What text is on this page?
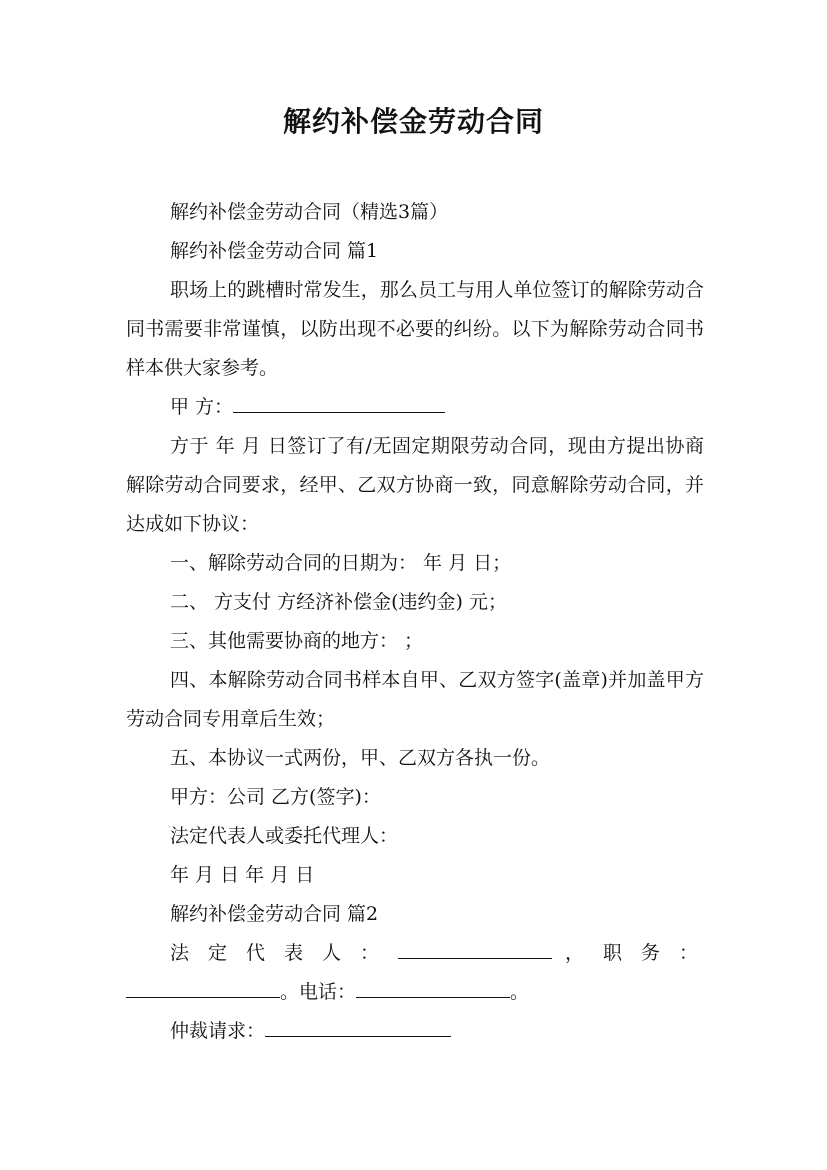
解约补偿金劳动合同

解约补偿金劳动合同（精选3篇）

解约补偿金劳动合同 篇1

职场上的跳槽时常发生，那么员工与用人单位签订的解除劳动合同书需要非常谨慎，以防出现不必要的纠纷。以下为解除劳动合同书样本供大家参考。

甲 方：

方于 年 月 日签订了有/无固定期限劳动合同，现由方提出协商解除劳动合同要求，经甲、乙双方协商一致，同意解除劳动合同，并达成如下协议：

一、解除劳动合同的日期为： 年 月 日；

二、 方支付 方经济补偿金(违约金) 元；

三、其他需要协商的地方： ；

四、本解除劳动合同书样本自甲、乙双方签字(盖章)并加盖甲方劳动合同专用章后生效；

五、本协议一式两份，甲、乙双方各执一份。

甲方：公司 乙方(签字)：

法定代表人或委托代理人：

年 月 日 年 月 日

解约补偿金劳动合同 篇2

法定代表人：	，职务：

。电话：	。

仲裁请求：
